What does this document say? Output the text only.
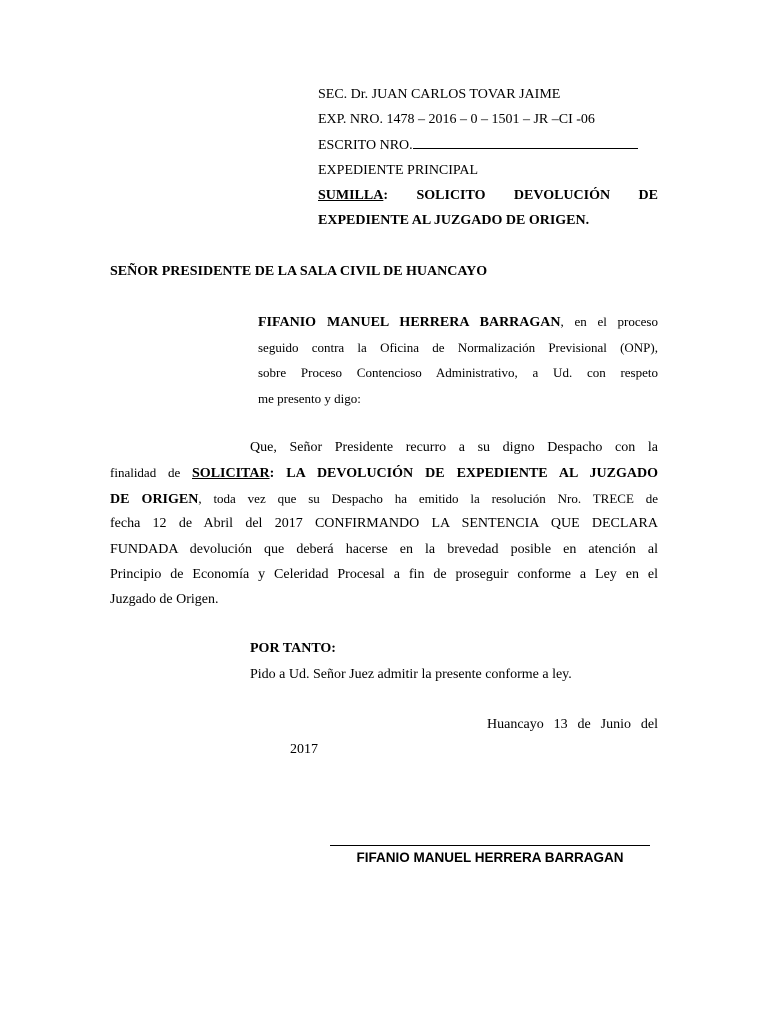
SEC. Dr. JUAN CARLOS TOVAR JAIME
EXP. NRO. 1478 – 2016 – 0 – 1501 – JR –CI -06
ESCRITO NRO.
EXPEDIENTE PRINCIPAL
SUMILLA: SOLICITO DEVOLUCIÓN DE
EXPEDIENTE AL JUZGADO DE ORIGEN.
SEÑOR PRESIDENTE DE LA SALA CIVIL DE HUANCAYO
FIFANIO MANUEL HERRERA BARRAGAN, en el proceso
seguido contra la Oficina de Normalización Previsional (ONP),
sobre Proceso Contencioso Administrativo, a Ud. con respeto
me presento y digo:
Que, Señor Presidente recurro a su digno Despacho con la
finalidad de SOLICITAR: LA DEVOLUCIÓN DE EXPEDIENTE AL JUZGADO
DE ORIGEN, toda vez que su Despacho ha emitido la resolución Nro. TRECE de
fecha 12 de Abril del 2017 CONFIRMANDO LA SENTENCIA QUE DECLARA
FUNDADA devolución que deberá hacerse en la brevedad posible en atención al
Principio de Economía y Celeridad Procesal a fin de proseguir conforme a Ley en el
Juzgado de Origen.
POR TANTO:
Pido a Ud. Señor Juez admitir la presente conforme a ley.
Huancayo 13 de Junio del
2017
FIFANIO MANUEL HERRERA BARRAGAN
